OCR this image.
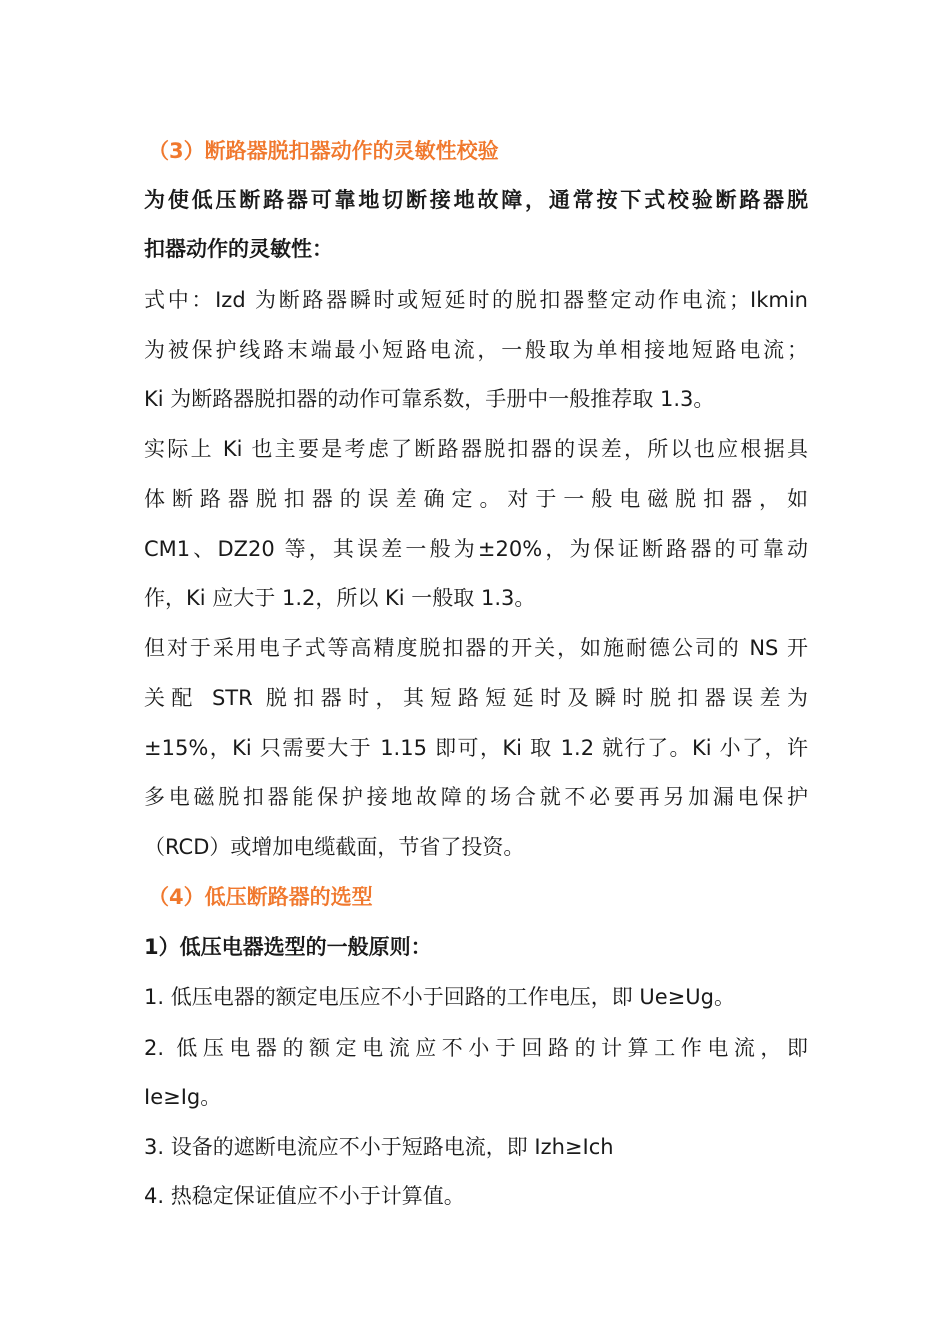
（3）断路器脱扣器动作的灵敏性校验
为使低压断路器可靠地切断接地故障，通常按下式校验断路器脱
扣器动作的灵敏性：
式中：Izd 为断路器瞬时或短延时的脱扣器整定动作电流；Ikmin
为被保护线路末端最小短路电流，一般取为单相接地短路电流；
Ki 为断路器脱扣器的动作可靠系数，手册中一般推荐取 1.3。
实际上 Ki 也主要是考虑了断路器脱扣器的误差，所以也应根据具
体断路器脱扣器的误差确定。对于一般电磁脱扣器，如
CM1、DZ20 等，其误差一般为±20%，为保证断路器的可靠动
作，Ki 应大于 1.2，所以 Ki 一般取 1.3。
但对于采用电子式等高精度脱扣器的开关，如施耐德公司的 NS 开
关配 STR 脱扣器时，其短路短延时及瞬时脱扣器误差为
±15%，Ki 只需要大于 1.15 即可，Ki 取 1.2 就行了。Ki 小了，许
多电磁脱扣器能保护接地故障的场合就不必要再另加漏电保护
（RCD）或增加电缆截面，节省了投资。
（4）低压断路器的选型
1）低压电器选型的一般原则：
1. 低压电器的额定电压应不小于回路的工作电压，即 Ue≥Ug。
2. 低压电器的额定电流应不小于回路的计算工作电流，即
Ie≥Ig。
3. 设备的遮断电流应不小于短路电流，即 Izh≥Ich
4. 热稳定保证值应不小于计算值。
